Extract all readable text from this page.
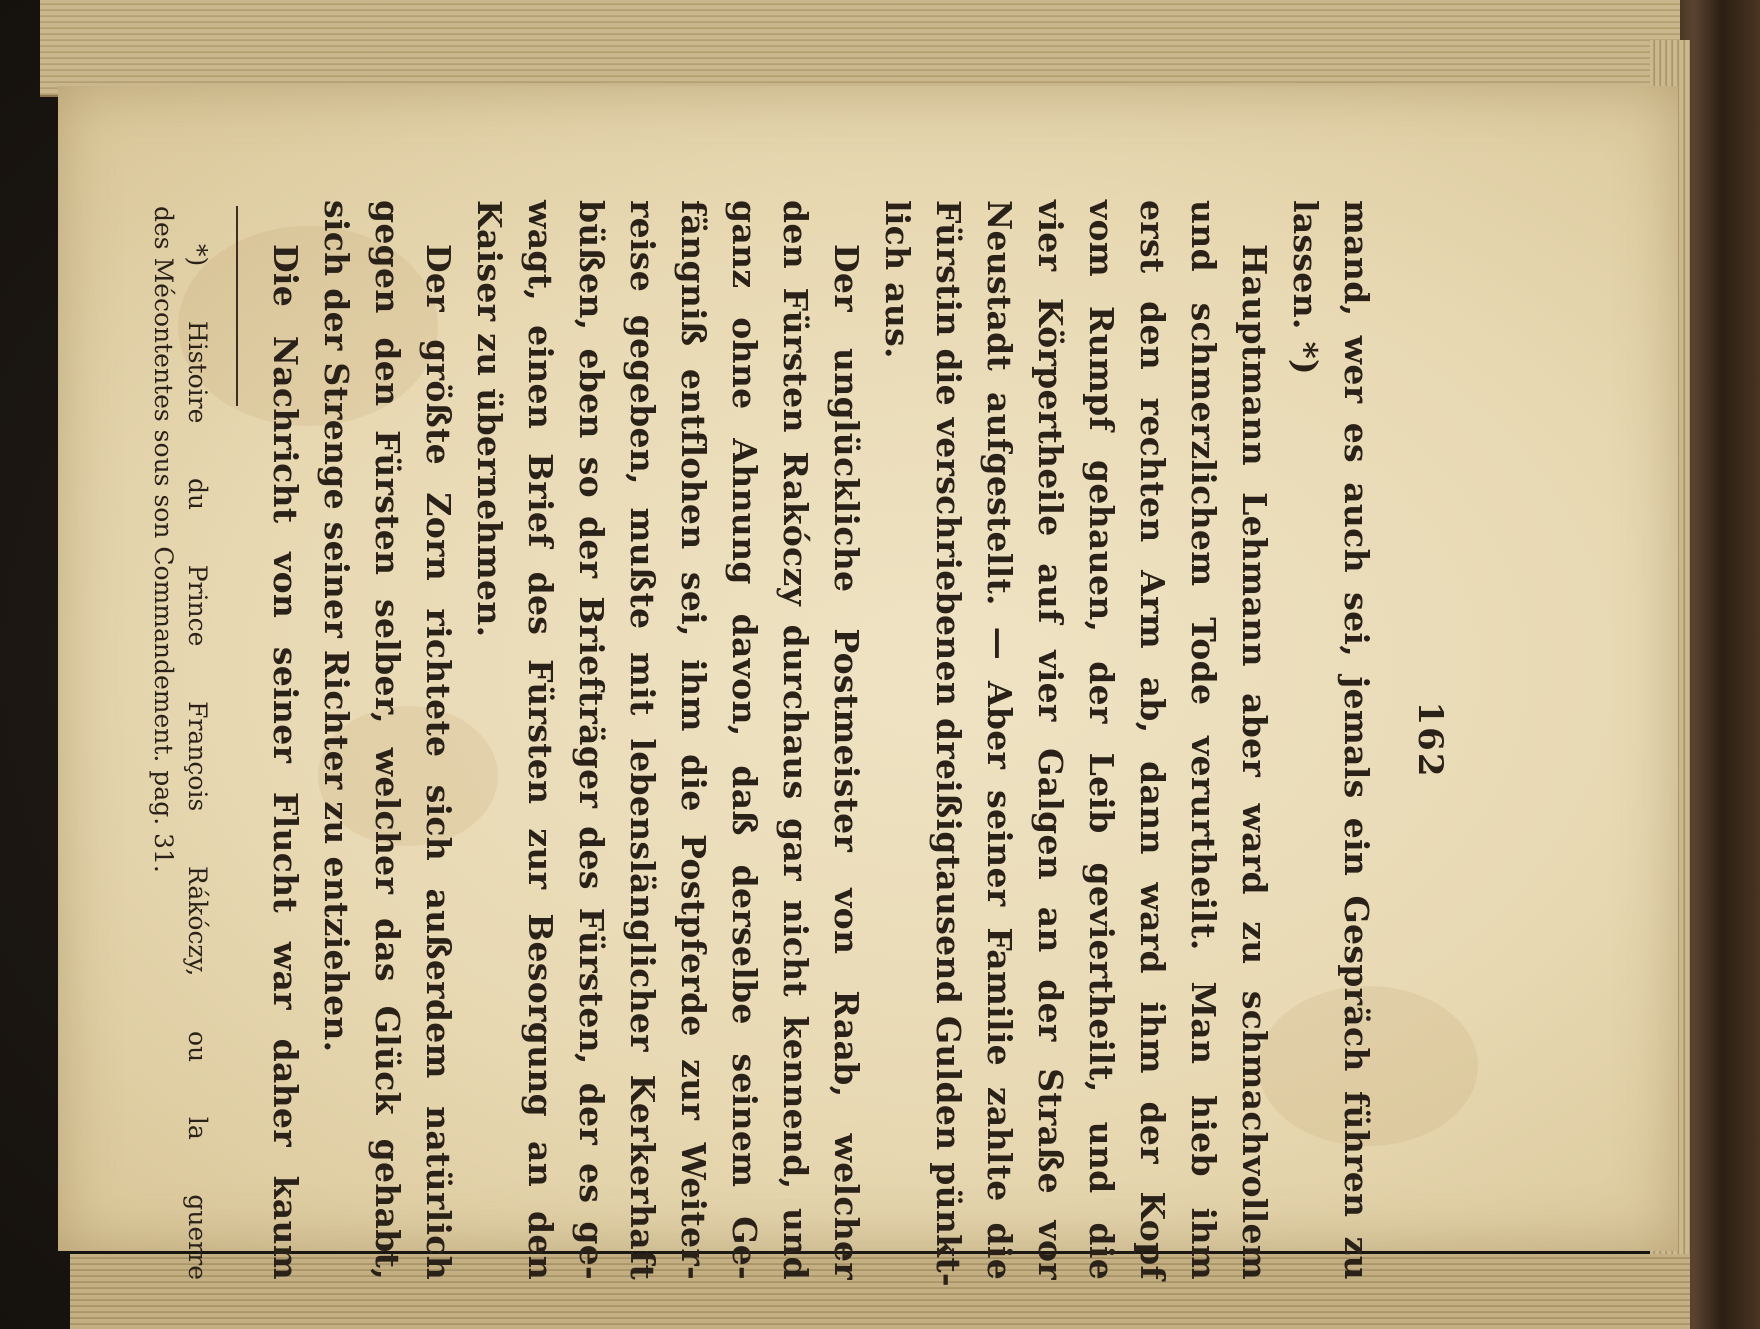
162
mand, wer es auch sei, jemals ein Gespräch führen zu
lassen. *)
Hauptmann Lehmann aber ward zu schmachvollem
und schmerzlichem Tode verurtheilt. Man hieb ihm
erst den rechten Arm ab, dann ward ihm der Kopf
vom Rumpf gehauen, der Leib geviertheilt, und die
vier Körpertheile auf vier Galgen an der Straße vor
Neustadt aufgestellt. — Aber seiner Familie zahlte die
Fürstin die verschriebenen dreißigtausend Gulden pünkt-
lich aus.
Der unglückliche Postmeister von Raab, welcher
den Fürsten Rakóczy durchaus gar nicht kennend, und
ganz ohne Ahnung davon, daß derselbe seinem Ge-
fängniß entflohen sei, ihm die Postpferde zur Weiter-
reise gegeben, mußte mit lebenslänglicher Kerkerhaft
büßen, eben so der Briefträger des Fürsten, der es ge-
wagt, einen Brief des Fürsten zur Besorgung an den
Kaiser zu übernehmen.
Der größte Zorn richtete sich außerdem natürlich
gegen den Fürsten selber, welcher das Glück gehabt,
sich der Strenge seiner Richter zu entziehen.
Die Nachricht von seiner Flucht war daher kaum
*) Histoire du Prince François Rákóczy, ou la guerre
des Mécontentes sous son Commandement. pag. 31.
